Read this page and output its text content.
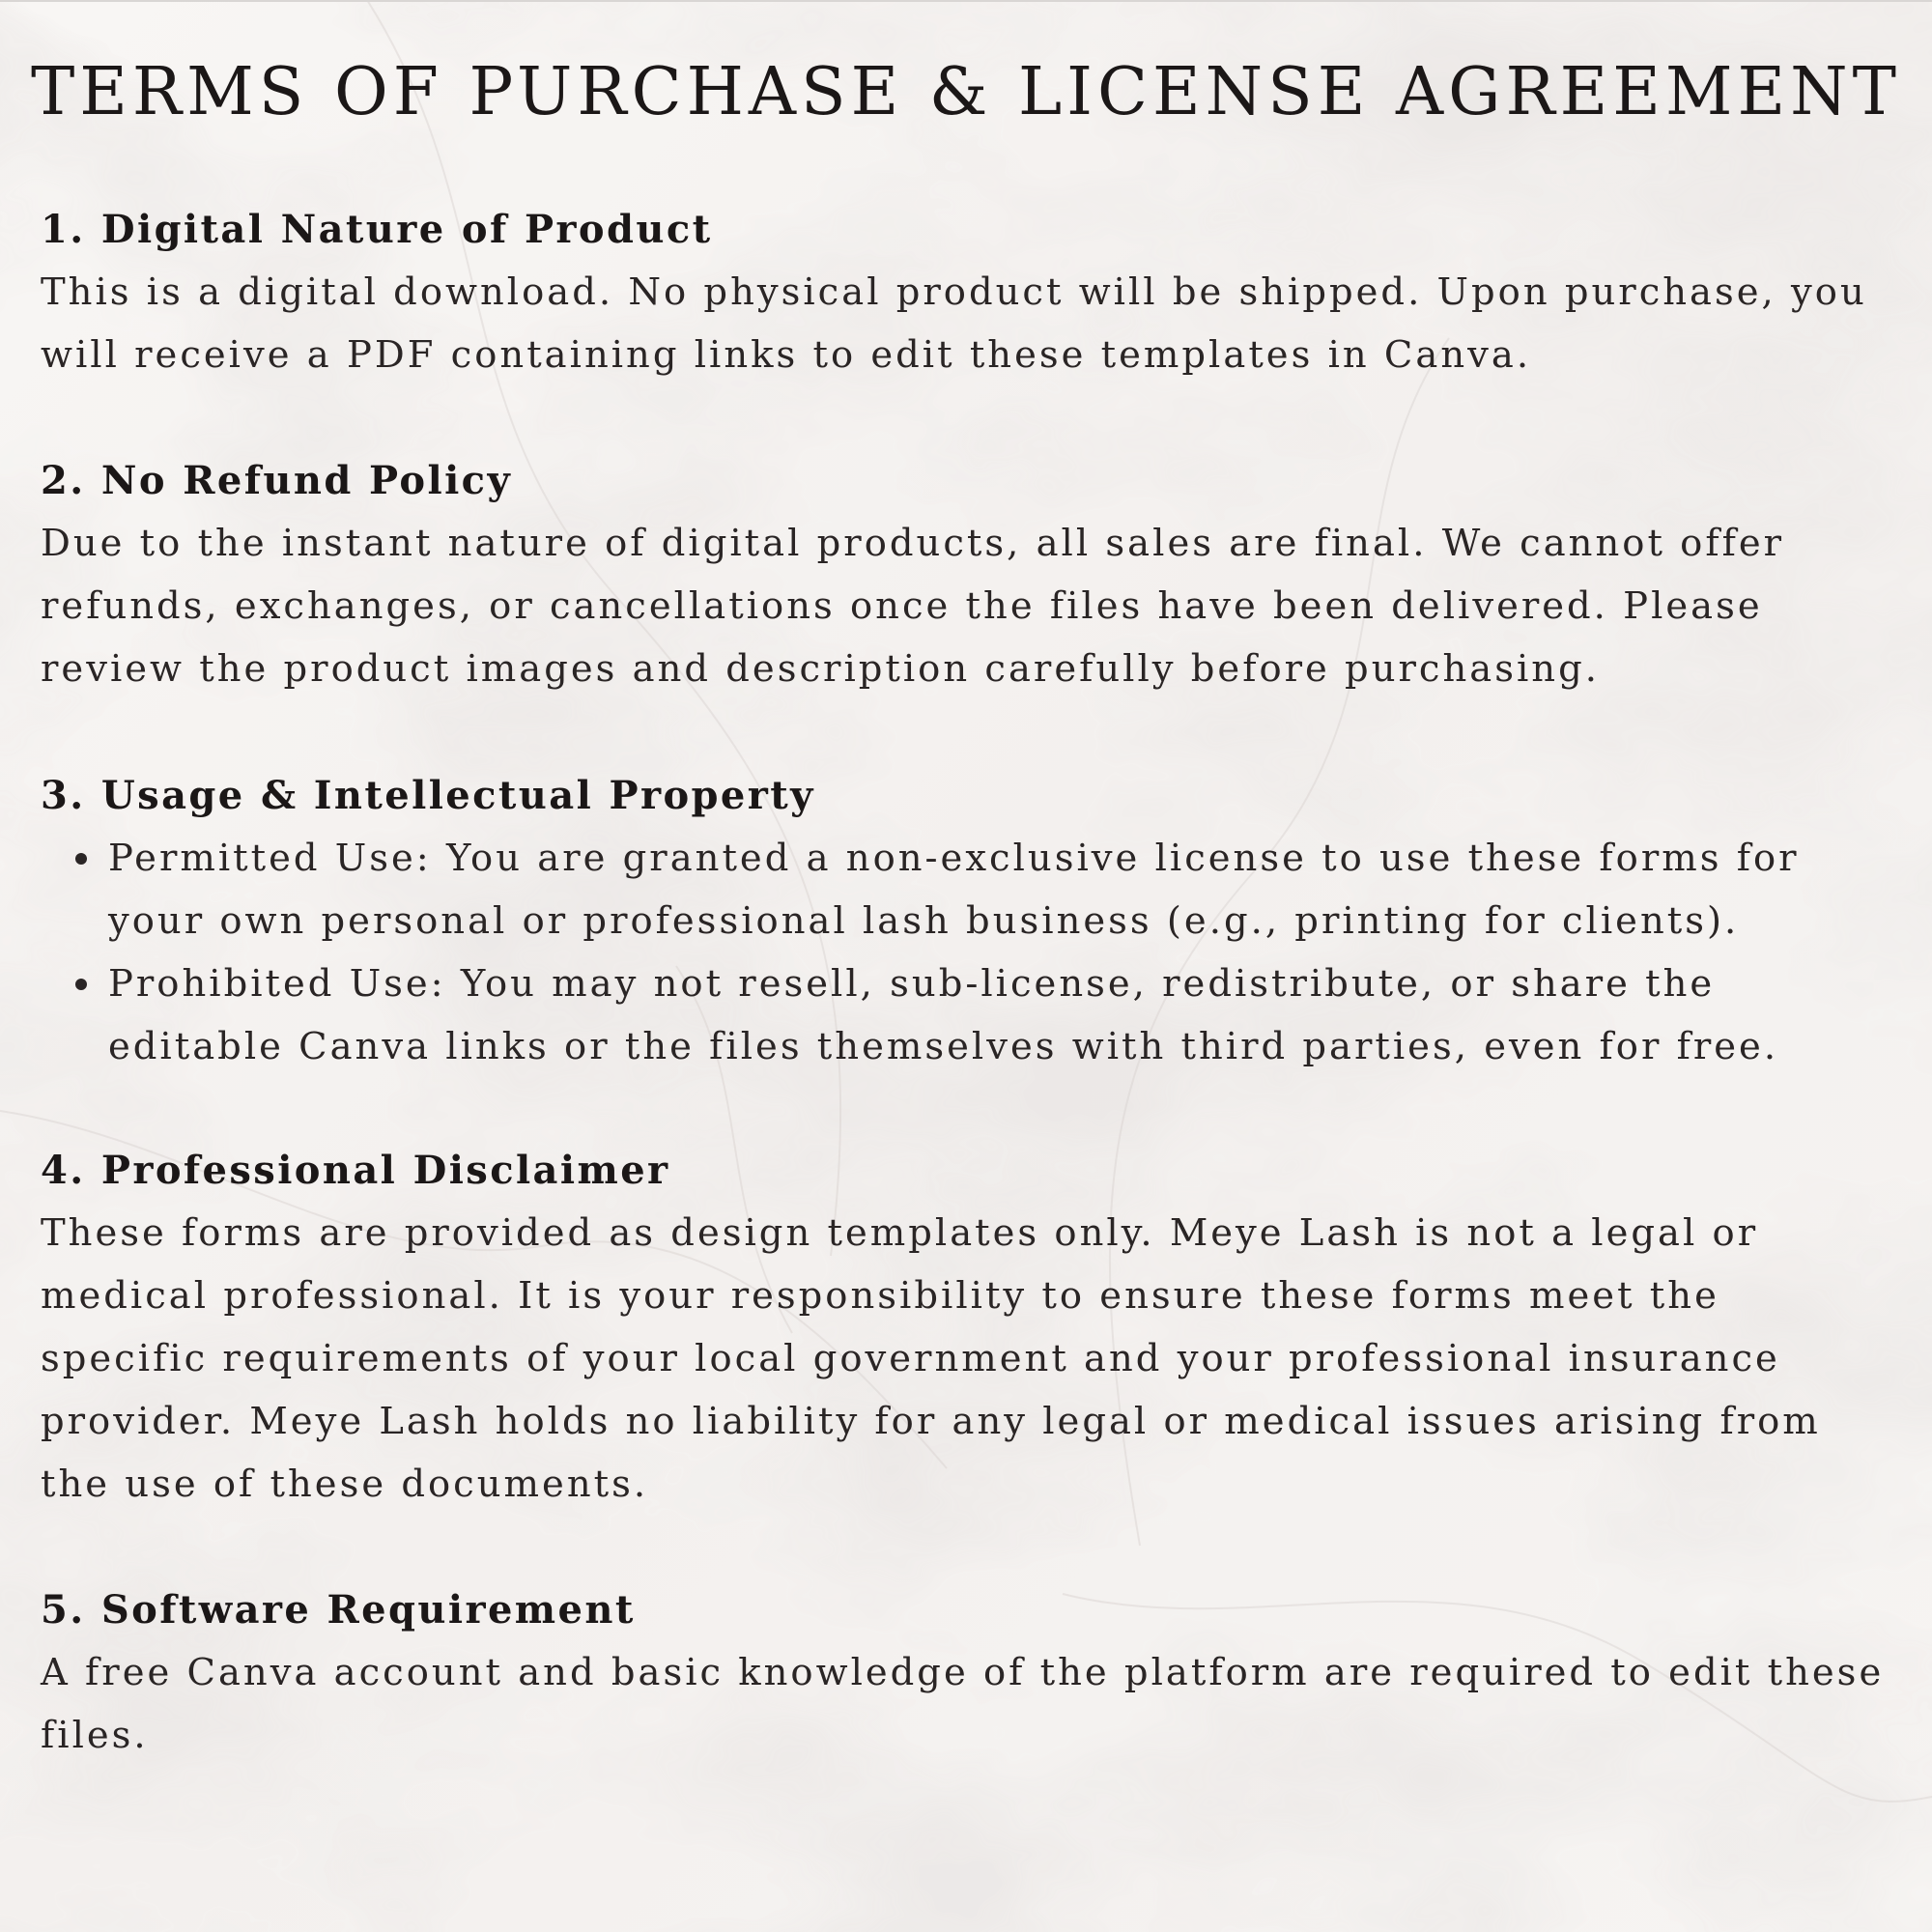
TERMS OF PURCHASE & LICENSE AGREEMENT
1. Digital Nature of Product

This is a digital download. No physical product will be shipped. Upon purchase, you will receive a PDF containing links to edit these templates in Canva.

2. No Refund Policy

Due to the instant nature of digital products, all sales are final. We cannot offer refunds, exchanges, or cancellations once the files have been delivered. Please review the product images and description carefully before purchasing.

3. Usage & Intellectual Property
Permitted Use: You are granted a non-exclusive license to use these forms for your own personal or professional lash business (e.g., printing for clients).
Prohibited Use: You may not resell, sub-license, redistribute, or share the editable Canva links or the files themselves with third parties, even for free.
4. Professional Disclaimer

These forms are provided as design templates only. Meye Lash is not a legal or medical professional. It is your responsibility to ensure these forms meet the specific requirements of your local government and your professional insurance provider. Meye Lash holds no liability for any legal or medical issues arising from the use of these documents.

5. Software Requirement

A free Canva account and basic knowledge of the platform are required to edit these files.
